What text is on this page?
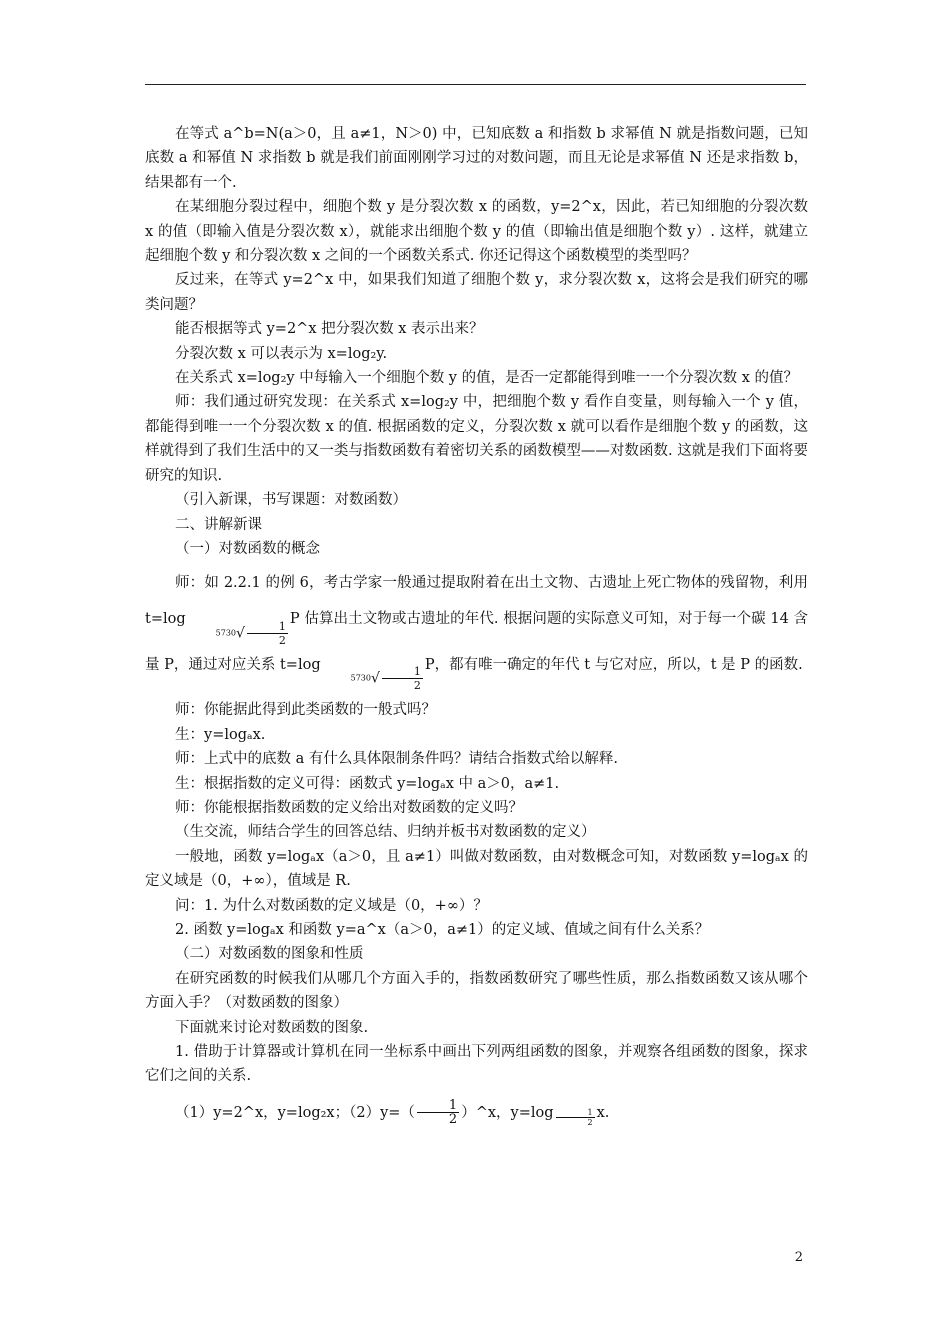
在等式 a^b=N(a＞0，且 a≠1，N＞0) 中，已知底数 a 和指数 b 求幂值 N 就是指数问题，已知底数 a 和幂值 N 求指数 b 就是我们前面刚刚学习过的对数问题，而且无论是求幂值 N 还是求指数 b，结果都有一个.

在某细胞分裂过程中，细胞个数 y 是分裂次数 x 的函数，y=2^x，因此，若已知细胞的分裂次数 x 的值（即输入值是分裂次数 x），就能求出细胞个数 y 的值（即输出值是细胞个数 y）. 这样，就建立起细胞个数 y 和分裂次数 x 之间的一个函数关系式. 你还记得这个函数模型的类型吗？

反过来，在等式 y=2^x 中，如果我们知道了细胞个数 y，求分裂次数 x，这将会是我们研究的哪类问题？

能否根据等式 y=2^x 把分裂次数 x 表示出来？

分裂次数 x 可以表示为 x=log₂y.

在关系式 x=log₂y 中每输入一个细胞个数 y 的值，是否一定都能得到唯一一个分裂次数 x 的值？

师：我们通过研究发现：在关系式 x=log₂y 中，把细胞个数 y 看作自变量，则每输入一个 y 值，都能得到唯一一个分裂次数 x 的值. 根据函数的定义，分裂次数 x 就可以看作是细胞个数 y 的函数，这样就得到了我们生活中的又一类与指数函数有着密切关系的函数模型——对数函数. 这就是我们下面将要研究的知识.

（引入新课，书写课题：对数函数）

二、讲解新课

（一）对数函数的概念

师：如 2.2.1 的例 6，考古学家一般通过提取附着在出土文物、古遗址上死亡物体的残留物，利用 $t=\log 5730√ \frac{1}{2}$
P 估算出土文物或古遗址的年代. 根据问题的实际意义可知，对于每一个碳 14 含量 P，通过对应关系 $t=\log 5730√ \frac{1}{2}$
P，都有唯一确定的年代 t 与它对应，所以，t 是 P 的函数.

师：你能据此得到此类函数的一般式吗？

生：y=logₐx.

师：上式中的底数 a 有什么具体限制条件吗？请结合指数式给以解释.

生：根据指数的定义可得：函数式 y=logₐx 中 a＞0，a≠1.

师：你能根据指数函数的定义给出对数函数的定义吗？

（生交流，师结合学生的回答总结、归纳并板书对数函数的定义）

一般地，函数 y=logₐx（a＞0，且 a≠1）叫做对数函数，由对数概念可知，对数函数 y=logₐx 的定义域是（0，+∞），值域是 R.

问：1. 为什么对数函数的定义域是（0，+∞）？

2. 函数 y=logₐx 和函数 y=a^x（a＞0，a≠1）的定义域、值域之间有什么关系？

（二）对数函数的图象和性质

在研究函数的时候我们从哪几个方面入手的，指数函数研究了哪些性质，那么指数函数又该从哪个方面入手？（对数函数的图象）

下面就来讨论对数函数的图象.

1. 借助于计算器或计算机在同一坐标系中画出下列两组函数的图象，并观察各组函数的图象，探求它们之间的关系.

（1）y=2^x，y=log₂x；$(2)y=( \frac{1}{2}$ ）^x，$y=\log \frac{1}{2} x$.

2
